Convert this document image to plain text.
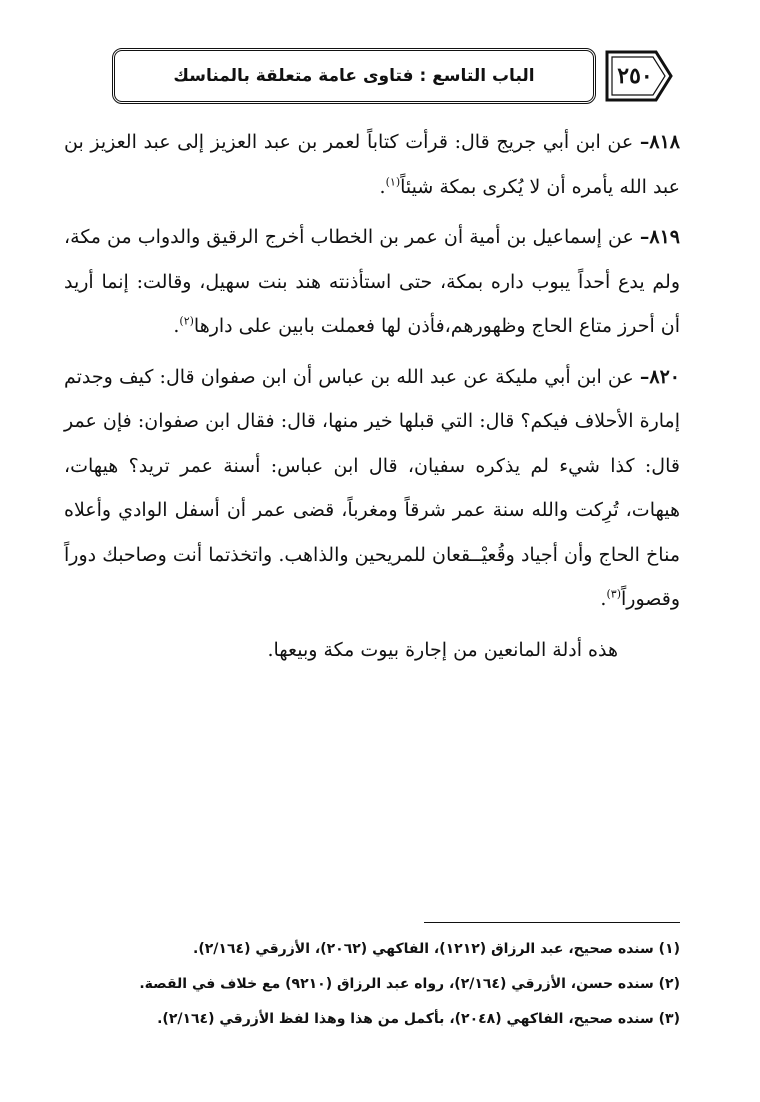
٢٥٠
الباب التاسع : فتاوى عامة متعلقة بالمناسك

٨١٨– عن ابن أبي جريج قال: قرأت كتاباً لعمر بن عبد العزيز إلى عبد العزيز بن عبد الله يأمره أن لا يُكرى بمكة شيئاً$^{(١)}$.

٨١٩– عن إسماعيل بن أمية أن عمر بن الخطاب أخرج الرقيق والدواب من مكة، ولم يدع أحداً يبوب داره بمكة، حتى استأذنته هند بنت سهيل، وقالت: إنما أريد أن أحرز متاع الحاج وظهورهم،فأذن لها فعملت بابين على دارها$^{(٢)}$.

٨٢٠– عن ابن أبي مليكة عن عبد الله بن عباس أن ابن صفوان قال: كيف وجدتم إمارة الأحلاف فيكم؟ قال: التي قبلها خير منها، قال: فقال ابن صفوان: فإن عمر قال: كذا شيء لم يذكره سفيان، قال ابن عباس: أسنة عمر تريد؟ هيهات، هيهات، تُرِكت والله سنة عمر شرقاً ومغرباً، قضى عمر أن أسفل الوادي وأعلاه مناخ الحاج وأن أجياد وقُعيْــقعان للمريحين والذاهب. واتخذتما أنت وصاحبك دوراً وقصوراً$^{(٣)}$.

هذه أدلة المانعين من إجارة بيوت مكة وبيعها.

(١) سنده صحيح، عبد الرزاق (١٢١٢)، الفاكهي (٢٠٦٢)، الأزرقي (٢/١٦٤).

(٢) سنده حسن، الأزرقي (٢/١٦٤)، رواه عبد الرزاق (٩٢١٠) مع خلاف في القصة.

(٣) سنده صحيح، الفاكهي (٢٠٤٨)، بأكمل من هذا وهذا لفظ الأزرقي (٢/١٦٤).
